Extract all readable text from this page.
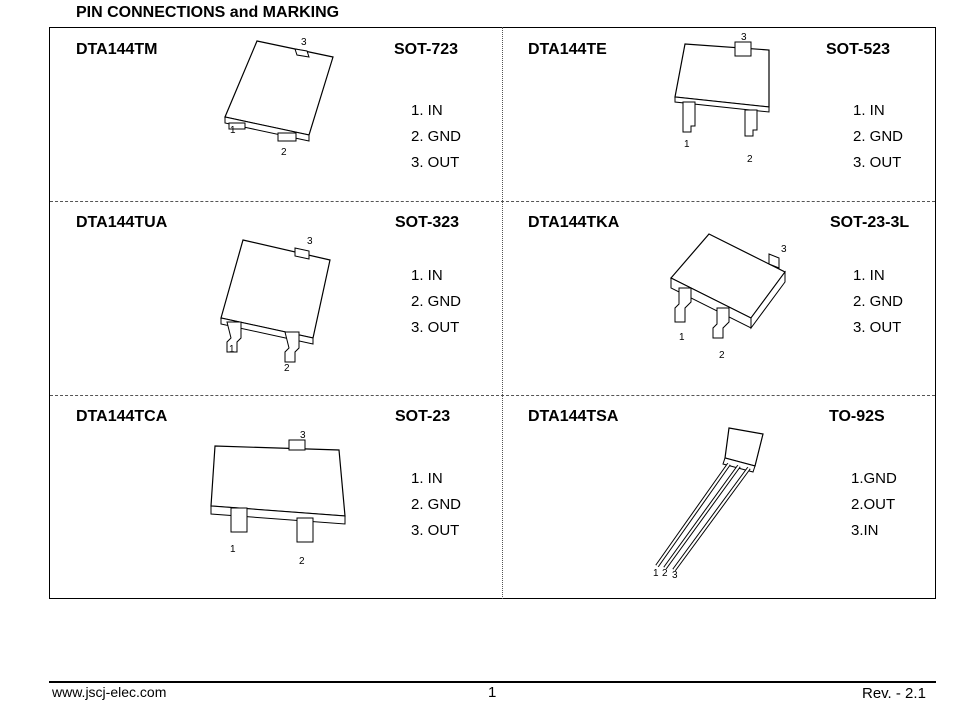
PIN CONNECTIONS and MARKING
DTA144TM	SOT-723
1. IN
2. GND
3. OUT
1
2
3	DTA144TE	SOT-523
1. IN
2. GND
3. OUT
1
2
3
DTA144TUA	SOT-323
1. IN
2. GND
3. OUT
1
2
3
DTA144TKA	SOT-23-3L
1. IN
2. GND
3. OUT
1
2
3
DTA144TCA	SOT-23
1. IN
2. GND
3. OUT
1
2
3
DTA144TSA	TO-92S
1.GND
2.OUT
3.IN
1 2 3
www.jscj-elec.com	1	Rev. - 2.1
